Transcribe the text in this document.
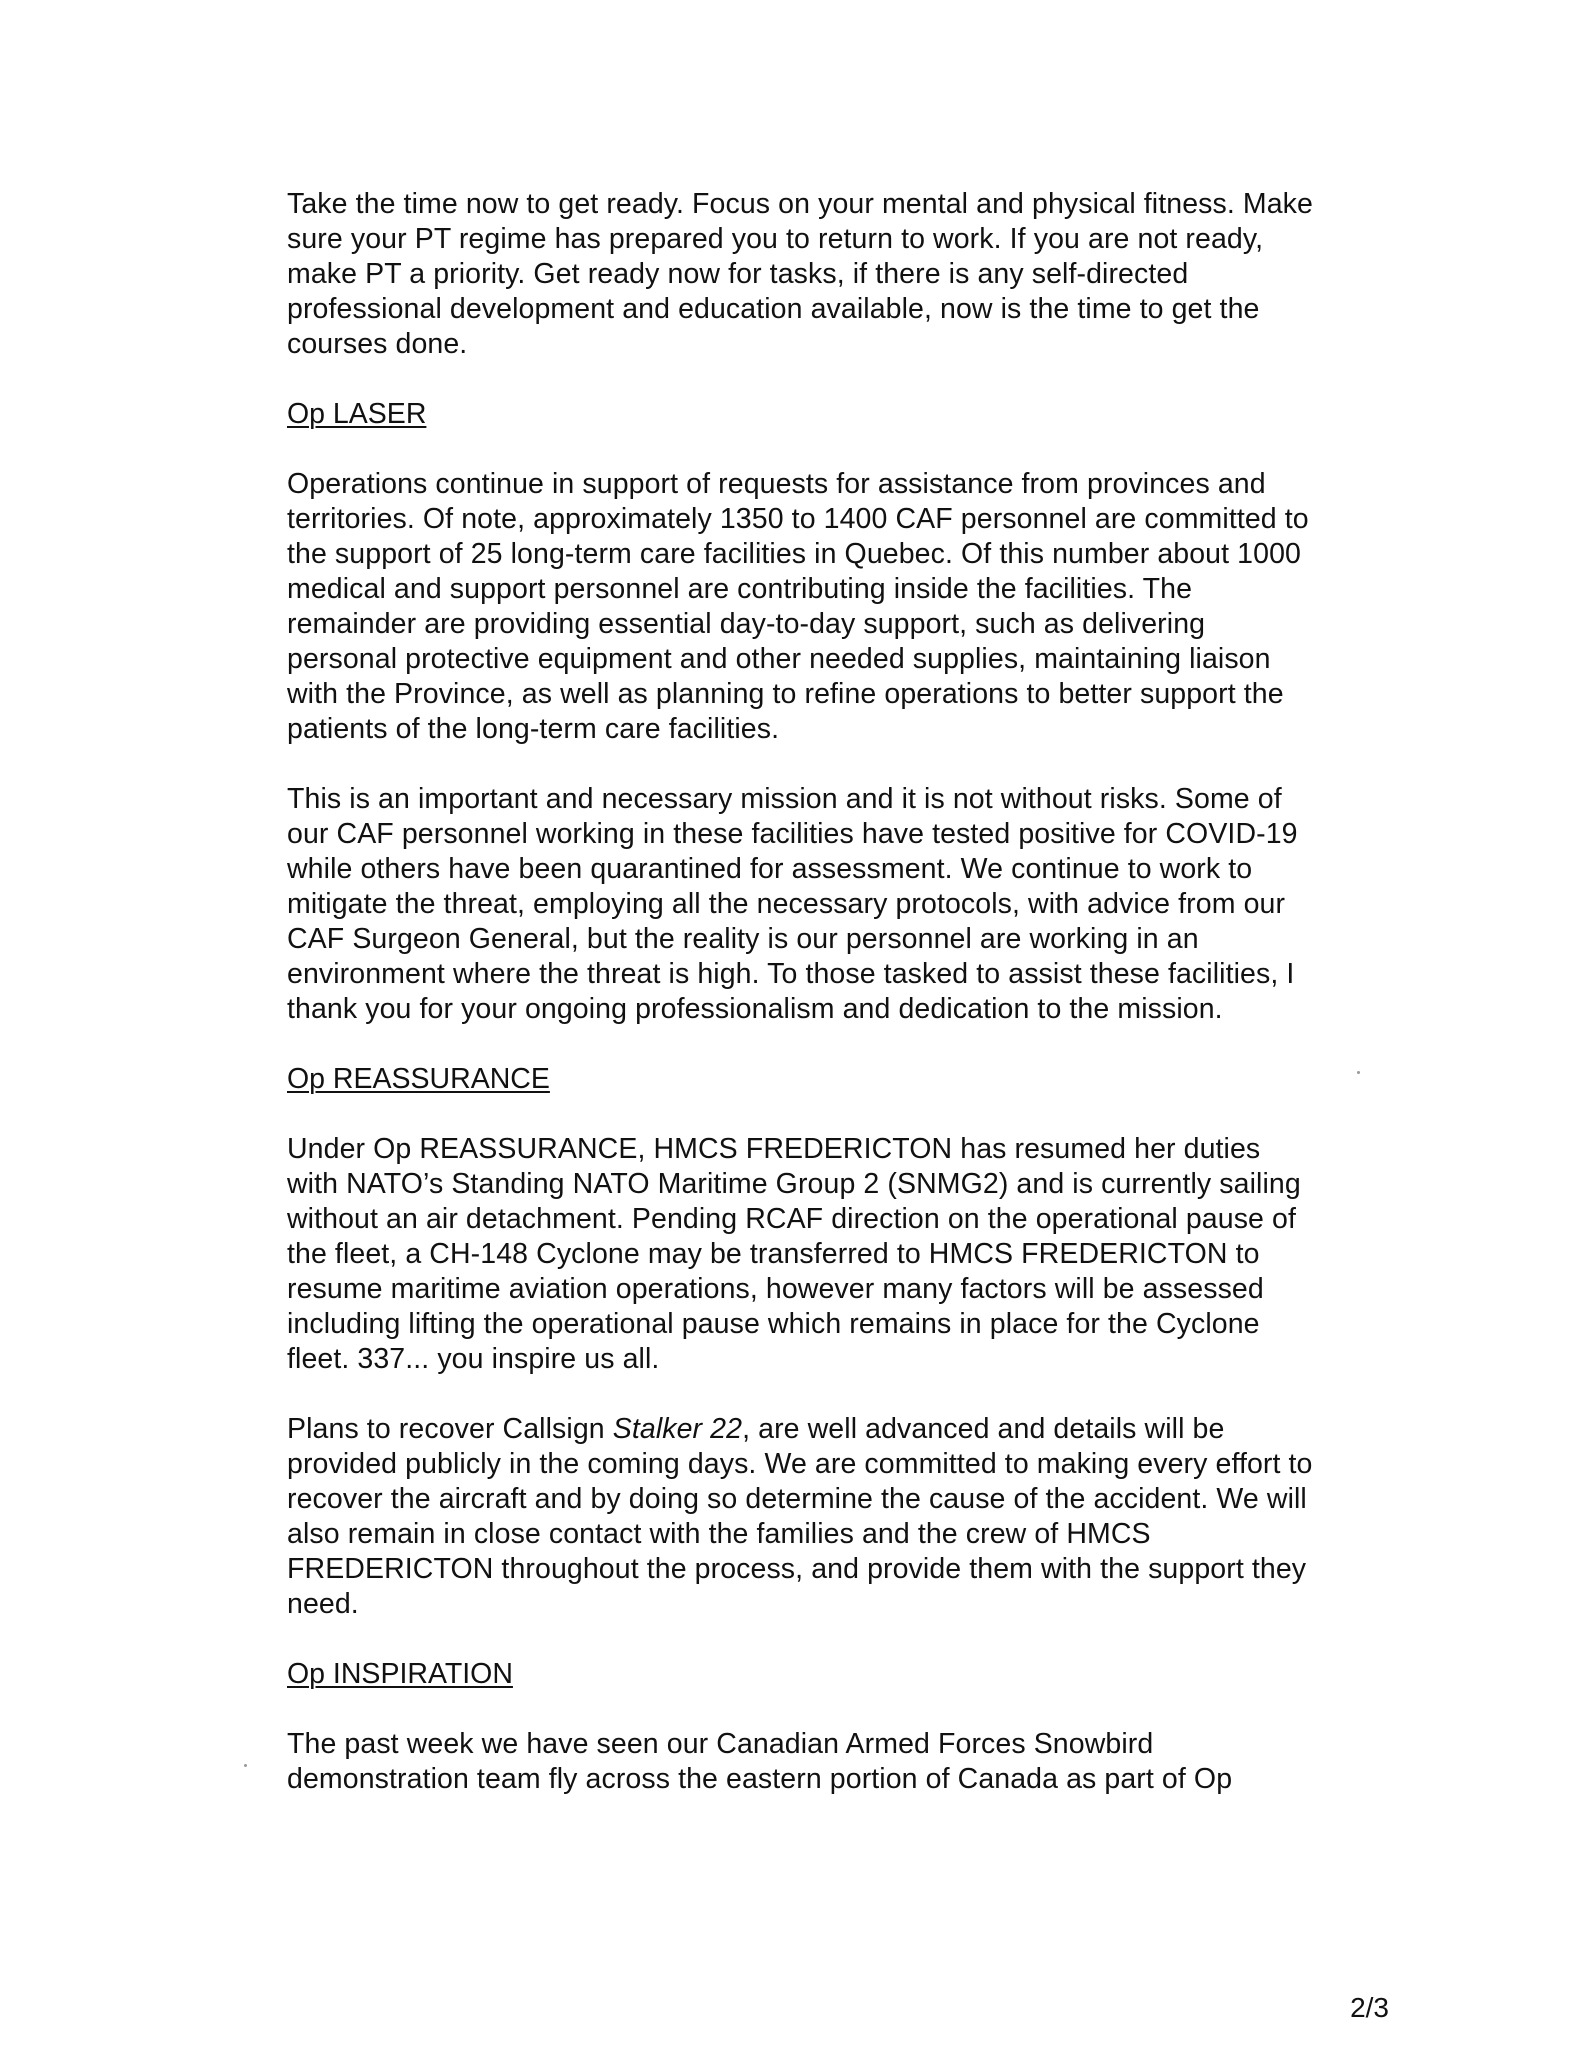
Take the time now to get ready. Focus on your mental and physical fitness. Make
sure your PT regime has prepared you to return to work. If you are not ready,
make PT a priority. Get ready now for tasks, if there is any self-directed
professional development and education available, now is the time to get the
courses done.

Op LASER

Operations continue in support of requests for assistance from provinces and
territories. Of note, approximately 1350 to 1400 CAF personnel are committed to
the support of 25 long-term care facilities in Quebec. Of this number about 1000
medical and support personnel are contributing inside the facilities. The
remainder are providing essential day-to-day support, such as delivering
personal protective equipment and other needed supplies, maintaining liaison
with the Province, as well as planning to refine operations to better support the
patients of the long-term care facilities.

This is an important and necessary mission and it is not without risks. Some of
our CAF personnel working in these facilities have tested positive for COVID-19
while others have been quarantined for assessment. We continue to work to
mitigate the threat, employing all the necessary protocols, with advice from our
CAF Surgeon General, but the reality is our personnel are working in an
environment where the threat is high. To those tasked to assist these facilities, I
thank you for your ongoing professionalism and dedication to the mission.

Op REASSURANCE

Under Op REASSURANCE, HMCS FREDERICTON has resumed her duties
with NATO’s Standing NATO Maritime Group 2 (SNMG2) and is currently sailing
without an air detachment. Pending RCAF direction on the operational pause of
the fleet, a CH-148 Cyclone may be transferred to HMCS FREDERICTON to
resume maritime aviation operations, however many factors will be assessed
including lifting the operational pause which remains in place for the Cyclone
fleet. 337... you inspire us all.

Plans to recover Callsign Stalker 22, are well advanced and details will be
provided publicly in the coming days. We are committed to making every effort to
recover the aircraft and by doing so determine the cause of the accident. We will
also remain in close contact with the families and the crew of HMCS
FREDERICTON throughout the process, and provide them with the support they
need.

Op INSPIRATION

The past week we have seen our Canadian Armed Forces Snowbird
demonstration team fly across the eastern portion of Canada as part of Op

2/3
